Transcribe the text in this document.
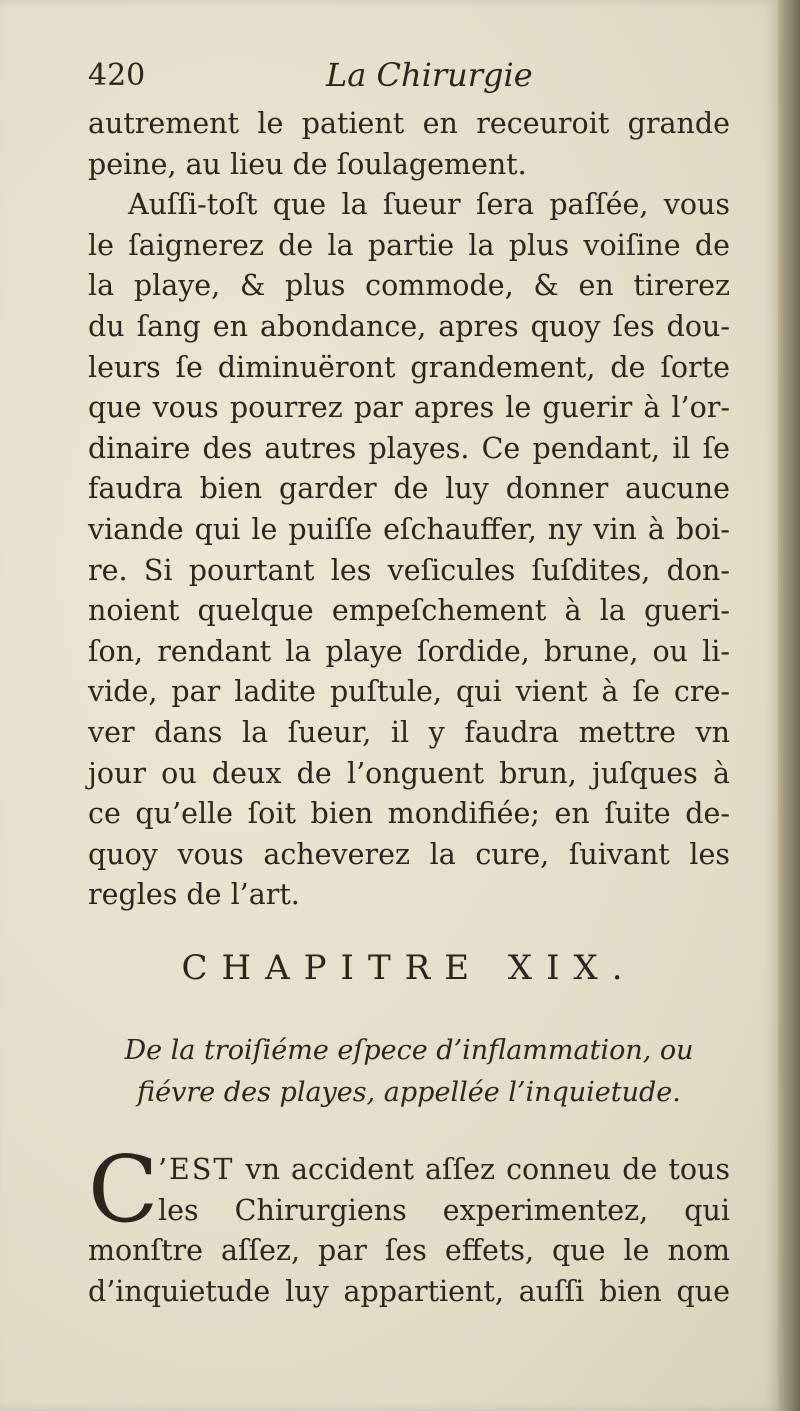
420	La Chirurgie
autrement le patient en receuroit grande
peine, au lieu de ſoulagement.
Auſſi-toſt que la ſueur ſera paſſée, vous
le ſaignerez de la partie la plus voiſine de
la playe, & plus commode, & en tirerez
du ſang en abondance, apres quoy ſes dou-
leurs ſe diminuëront grandement, de ſorte
que vous pourrez par apres le guerir à l’or-
dinaire des autres playes. Ce pendant, il ſe
faudra bien garder de luy donner aucune
viande qui le puiſſe eſchauffer, ny vin à boi-
re. Si pourtant les veſicules ſuſdites, don-
noient quelque empeſchement à la gueri-
ſon, rendant la playe ſordide, brune, ou li-
vide, par ladite puſtule, qui vient à ſe cre-
ver dans la ſueur, il y faudra mettre vn
jour ou deux de l’onguent brun, juſques à
ce qu’elle ſoit bien mondifiée; en ſuite de-
quoy vous acheverez la cure, ſuivant les
regles de l’art.
CHAPITRE XIX.
De la troiſiéme eſpece d’inflammation, ou
fiévre des playes, appellée l’inquietude.
C ’EST vn accident aſſez conneu de tous
les Chirurgiens experimentez, qui
monſtre aſſez, par ſes effets, que le nom
d’inquietude luy appartient, auſſi bien que
